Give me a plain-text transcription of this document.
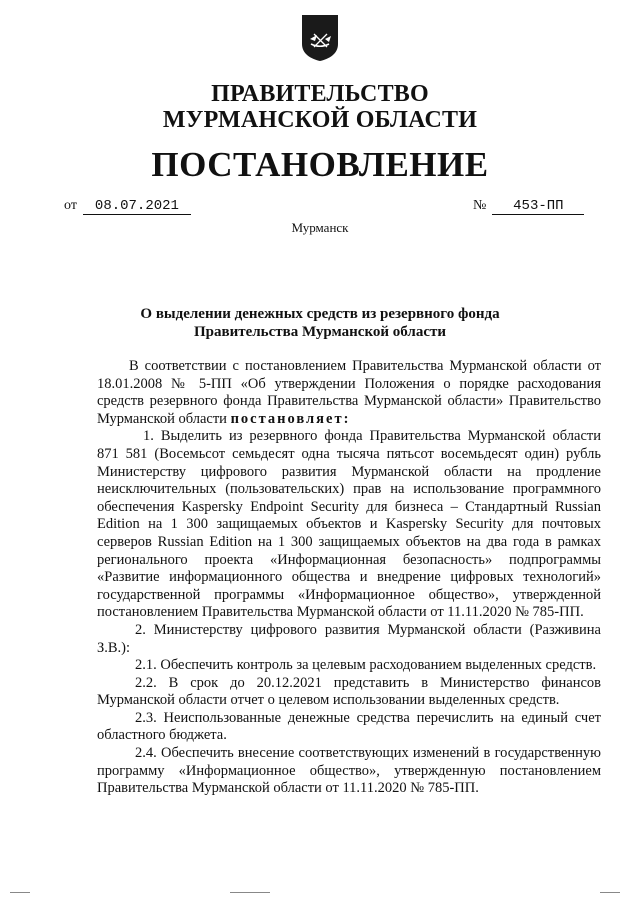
ПРАВИТЕЛЬСТВО
МУРМАНСКОЙ ОБЛАСТИ
ПОСТАНОВЛЕНИЕ
от 08.07.2021	№ 453-ПП
Мурманск
О выделении денежных средств из резервного фонда
Правительства Мурманской области

В соответствии с постановлением Правительства Мурманской области от 18.01.2008 № 5-ПП «Об утверждении Положения о порядке расходования средств резервного фонда Правительства Мурманской области» Правительство Мурманской области постановляет:

1. Выделить из резервного фонда Правительства Мурманской области 871 581 (Восемьсот семьдесят одна тысяча пятьсот восемьдесят один) рубль Министерству цифрового развития Мурманской области на продление неисключительных (пользовательских) прав на использование программного обеспечения Kaspersky Endpoint Security для бизнеса – Стандартный Russian Edition на 1 300 защищаемых объектов и Kaspersky Security для почтовых серверов Russian Edition на 1 300 защищаемых объектов на два года в рамках регионального проекта «Информационная безопасность» подпрограммы «Развитие информационного общества и внедрение цифровых технологий» государственной программы «Информационное общество», утвержденной постановлением Правительства Мурманской области от 11.11.2020 № 785-ПП.

2. Министерству цифрового развития Мурманской области (Разживина З.В.):

2.1. Обеспечить контроль за целевым расходованием выделенных средств.

2.2. В срок до 20.12.2021 представить в Министерство финансов Мурманской области отчет о целевом использовании выделенных средств.

2.3. Неиспользованные денежные средства перечислить на единый счет областного бюджета.

2.4. Обеспечить внесение соответствующих изменений в государственную программу «Информационное общество», утвержденную постановлением Правительства Мурманской области от 11.11.2020 № 785-ПП.
